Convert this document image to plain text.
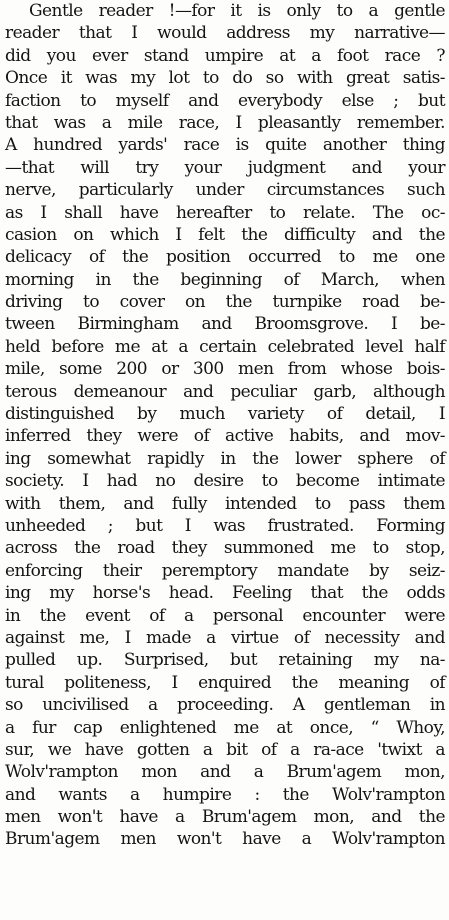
Gentle reader !—for it is only to a gentle
reader that I would address my narrative—
did you ever stand umpire at a foot race ?
Once it was my lot to do so with great satis-
faction to myself and everybody else ; but
that was a mile race, I pleasantly remember.
A hundred yards' race is quite another thing
—that will try your judgment and your
nerve, particularly under circumstances such
as I shall have hereafter to relate. The oc-
casion on which I felt the difficulty and the
delicacy of the position occurred to me one
morning in the beginning of March, when
driving to cover on the turnpike road be-
tween Birmingham and Broomsgrove. I be-
held before me at a certain celebrated level half
mile, some 200 or 300 men from whose bois-
terous demeanour and peculiar garb, although
distinguished by much variety of detail, I
inferred they were of active habits, and mov-
ing somewhat rapidly in the lower sphere of
society. I had no desire to become intimate
with them, and fully intended to pass them
unheeded ; but I was frustrated. Forming
across the road they summoned me to stop,
enforcing their peremptory mandate by seiz-
ing my horse's head. Feeling that the odds
in the event of a personal encounter were
against me, I made a virtue of necessity and
pulled up. Surprised, but retaining my na-
tural politeness, I enquired the meaning of
so uncivilised a proceeding. A gentleman in
a fur cap enlightened me at once, “ Whoy,
sur, we have gotten a bit of a ra-ace 'twixt a
Wolv'rampton mon and a Brum'agem mon,
and wants a humpire : the Wolv'rampton
men won't have a Brum'agem mon, and the
Brum'agem men won't have a Wolv'rampton
